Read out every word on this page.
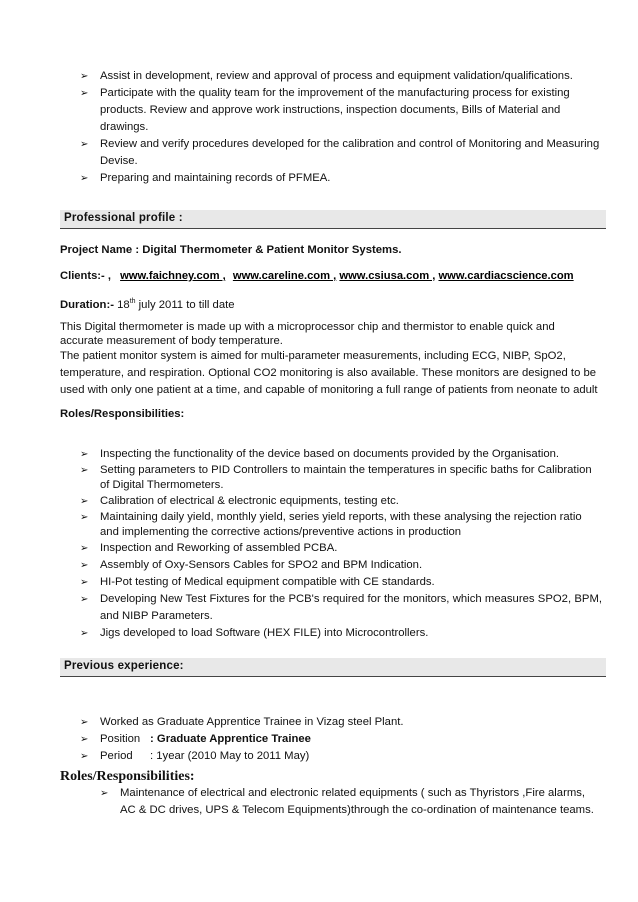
➢ Assist in development, review and approval of process and equipment validation/qualifications.
➢ Participate with the quality team for the improvement of the manufacturing process for existing products. Review and approve work instructions, inspection documents, Bills of Material and drawings.
➢ Review and verify procedures developed for the calibration and control of Monitoring and Measuring Devise.
➢ Preparing and maintaining records of PFMEA.
Professional profile :
Project Name : Digital Thermometer & Patient Monitor Systems.
Clients:- , www.faichney.com , www.careline.com , www.csiusa.com , www.cardiacscience.com
Duration:- 18th july 2011 to till date
This Digital thermometer is made up with a microprocessor chip and thermistor to enable quick and accurate measurement of body temperature.
The patient monitor system is aimed for multi-parameter measurements, including ECG, NIBP, SpO2, temperature, and respiration. Optional CO2 monitoring is also available. These monitors are designed to be used with only one patient at a time, and capable of monitoring a full range of patients from neonate to adult
Roles/Responsibilities:
➢ Inspecting the functionality of the device based on documents provided by the Organisation.
➢ Setting parameters to PID Controllers to maintain the temperatures in specific baths for Calibration of Digital Thermometers.
➢ Calibration of electrical & electronic equipments, testing etc.
➢ Maintaining daily yield, monthly yield, series yield reports, with these analysing the rejection ratio and implementing the corrective actions/preventive actions in production
➢ Inspection and Reworking of assembled PCBA.
➢ Assembly of Oxy-Sensors Cables for SPO2 and BPM Indication.
➢ HI-Pot testing of Medical equipment compatible with CE standards.
➢ Developing New Test Fixtures for the PCB's required for the monitors, which measures SPO2, BPM, and NIBP Parameters.
➢ Jigs developed to load Software (HEX FILE) into Microcontrollers.
Previous experience:
➢ Worked as Graduate Apprentice Trainee in Vizag steel Plant.
➢ Position : Graduate Apprentice Trainee
➢ Period : 1year (2010 May to 2011 May)
Roles/Responsibilities:
➢ Maintenance of electrical and electronic related equipments ( such as Thyristors ,Fire alarms, AC & DC drives, UPS & Telecom Equipments)through the co-ordination of maintenance teams.
